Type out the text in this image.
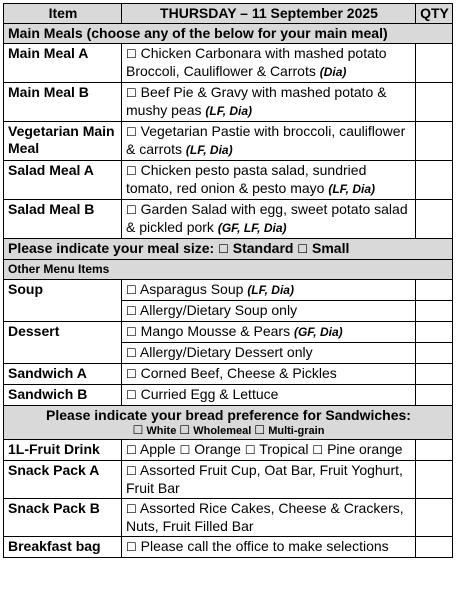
Item	THURSDAY – 11 September 2025	QTY
Main Meals (choose any of the below for your main meal)		
Main Meal A	☐ Chicken Carbonara with mashed potato Broccoli, Cauliflower & Carrots (Dia)	
Main Meal B	☐ Beef Pie & Gravy with mashed potato & mushy peas (LF, Dia)	
Vegetarian Main Meal	☐ Vegetarian Pastie with broccoli, cauliflower & carrots (LF, Dia)	
Salad Meal A	☐ Chicken pesto pasta salad, sundried tomato, red onion & pesto mayo (LF, Dia)	
Salad Meal B	☐ Garden Salad with egg, sweet potato salad & pickled pork (GF, LF, Dia)	
Please indicate your meal size: ☐ Standard ☐ Small		
Other Menu Items		
Soup	☐ Asparagus Soup (LF, Dia)	
	☐ Allergy/Dietary Soup only	
Dessert	☐ Mango Mousse & Pears (GF, Dia)	
	☐ Allergy/Dietary Dessert only	
Sandwich A	☐ Corned Beef, Cheese & Pickles	
Sandwich B	☐ Curried Egg & Lettuce	
Please indicate your bread preference for Sandwiches:
☐ White ☐ Wholemeal ☐ Multi-grain		

1L-Fruit Drink	☐ Apple ☐ Orange ☐ Tropical ☐ Pine orange	
Snack Pack A	☐ Assorted Fruit Cup, Oat Bar, Fruit Yoghurt, Fruit Bar	
Snack Pack B	☐ Assorted Rice Cakes, Cheese & Crackers, Nuts, Fruit Filled Bar	
Breakfast bag	☐ Please call the office to make selections	
